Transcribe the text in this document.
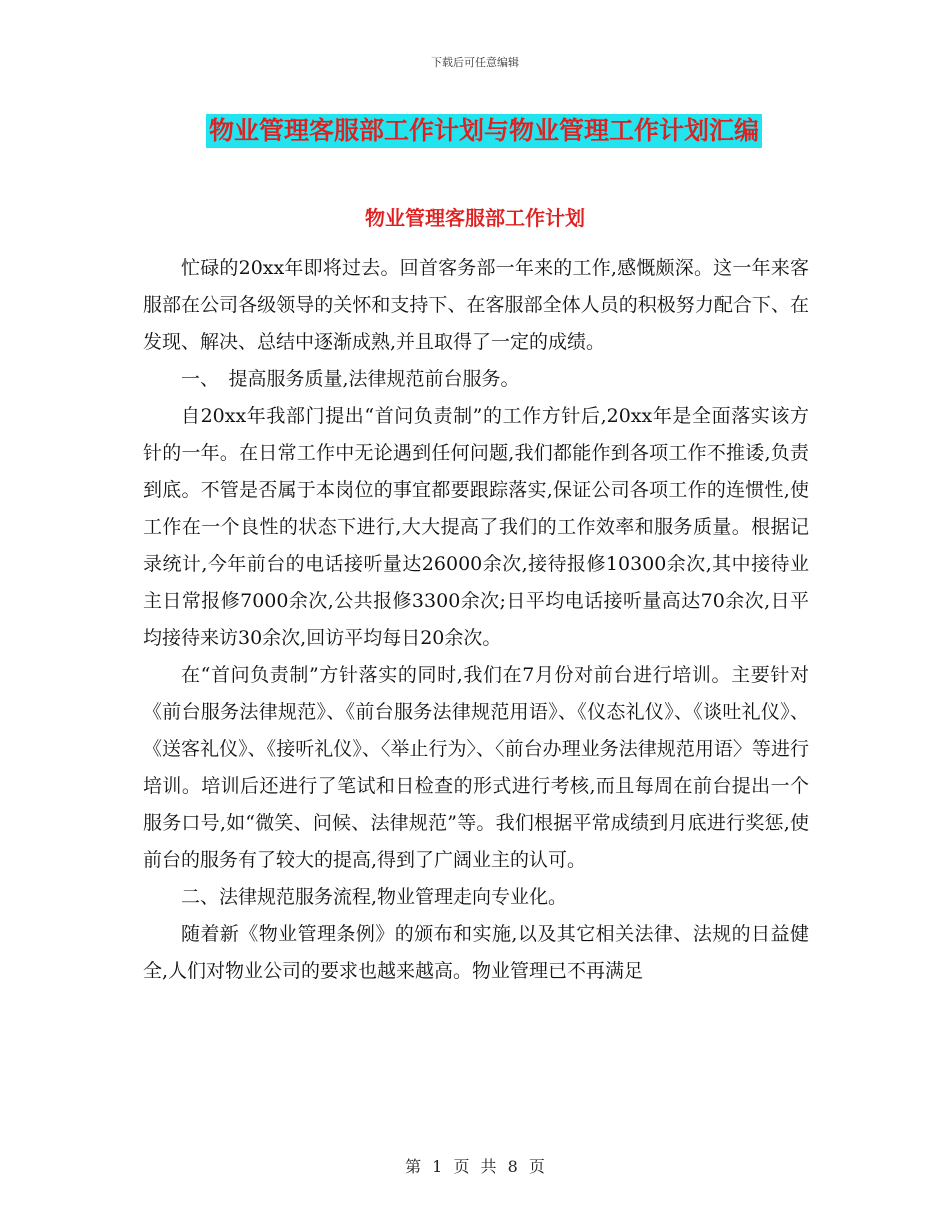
下载后可任意编辑
物业管理客服部工作计划与物业管理工作计划汇编
物业管理客服部工作计划

忙碌的20xx年即将过去。回首客务部一年来的工作,感慨颇深。这一年来客服部在公司各级领导的关怀和支持下、在客服部全体人员的积极努力配合下、在发现、解决、总结中逐渐成熟,并且取得了一定的成绩。

一、　提高服务质量,法律规范前台服务。

自20xx年我部门提出“首问负责制”的工作方针后,20xx年是全面落实该方针的一年。在日常工作中无论遇到任何问题,我们都能作到各项工作不推诿,负责到底。不管是否属于本岗位的事宜都要跟踪落实,保证公司各项工作的连惯性,使工作在一个良性的状态下进行,大大提高了我们的工作效率和服务质量。根据记录统计,今年前台的电话接听量达26000余次,接待报修10300余次,其中接待业主日常报修7000余次,公共报修3300余次;日平均电话接听量高达70余次,日平均接待来访30余次,回访平均每日20余次。

在“首问负责制”方针落实的同时,我们在7月份对前台进行培训。主要针对《前台服务法律规范》、《前台服务法律规范用语》、《仪态礼仪》、《谈吐礼仪》、《送客礼仪》、《接听礼仪》、〈举止行为〉、〈前台办理业务法律规范用语〉等进行培训。培训后还进行了笔试和日检查的形式进行考核,而且每周在前台提出一个服务口号,如“微笑、问候、法律规范”等。我们根据平常成绩到月底进行奖惩,使前台的服务有了较大的提高,得到了广阔业主的认可。

二、法律规范服务流程,物业管理走向专业化。

随着新《物业管理条例》的颁布和实施,以及其它相关法律、法规的日益健全,人们对物业公司的要求也越来越高。物业管理已不再满足

第 1 页 共 8 页
